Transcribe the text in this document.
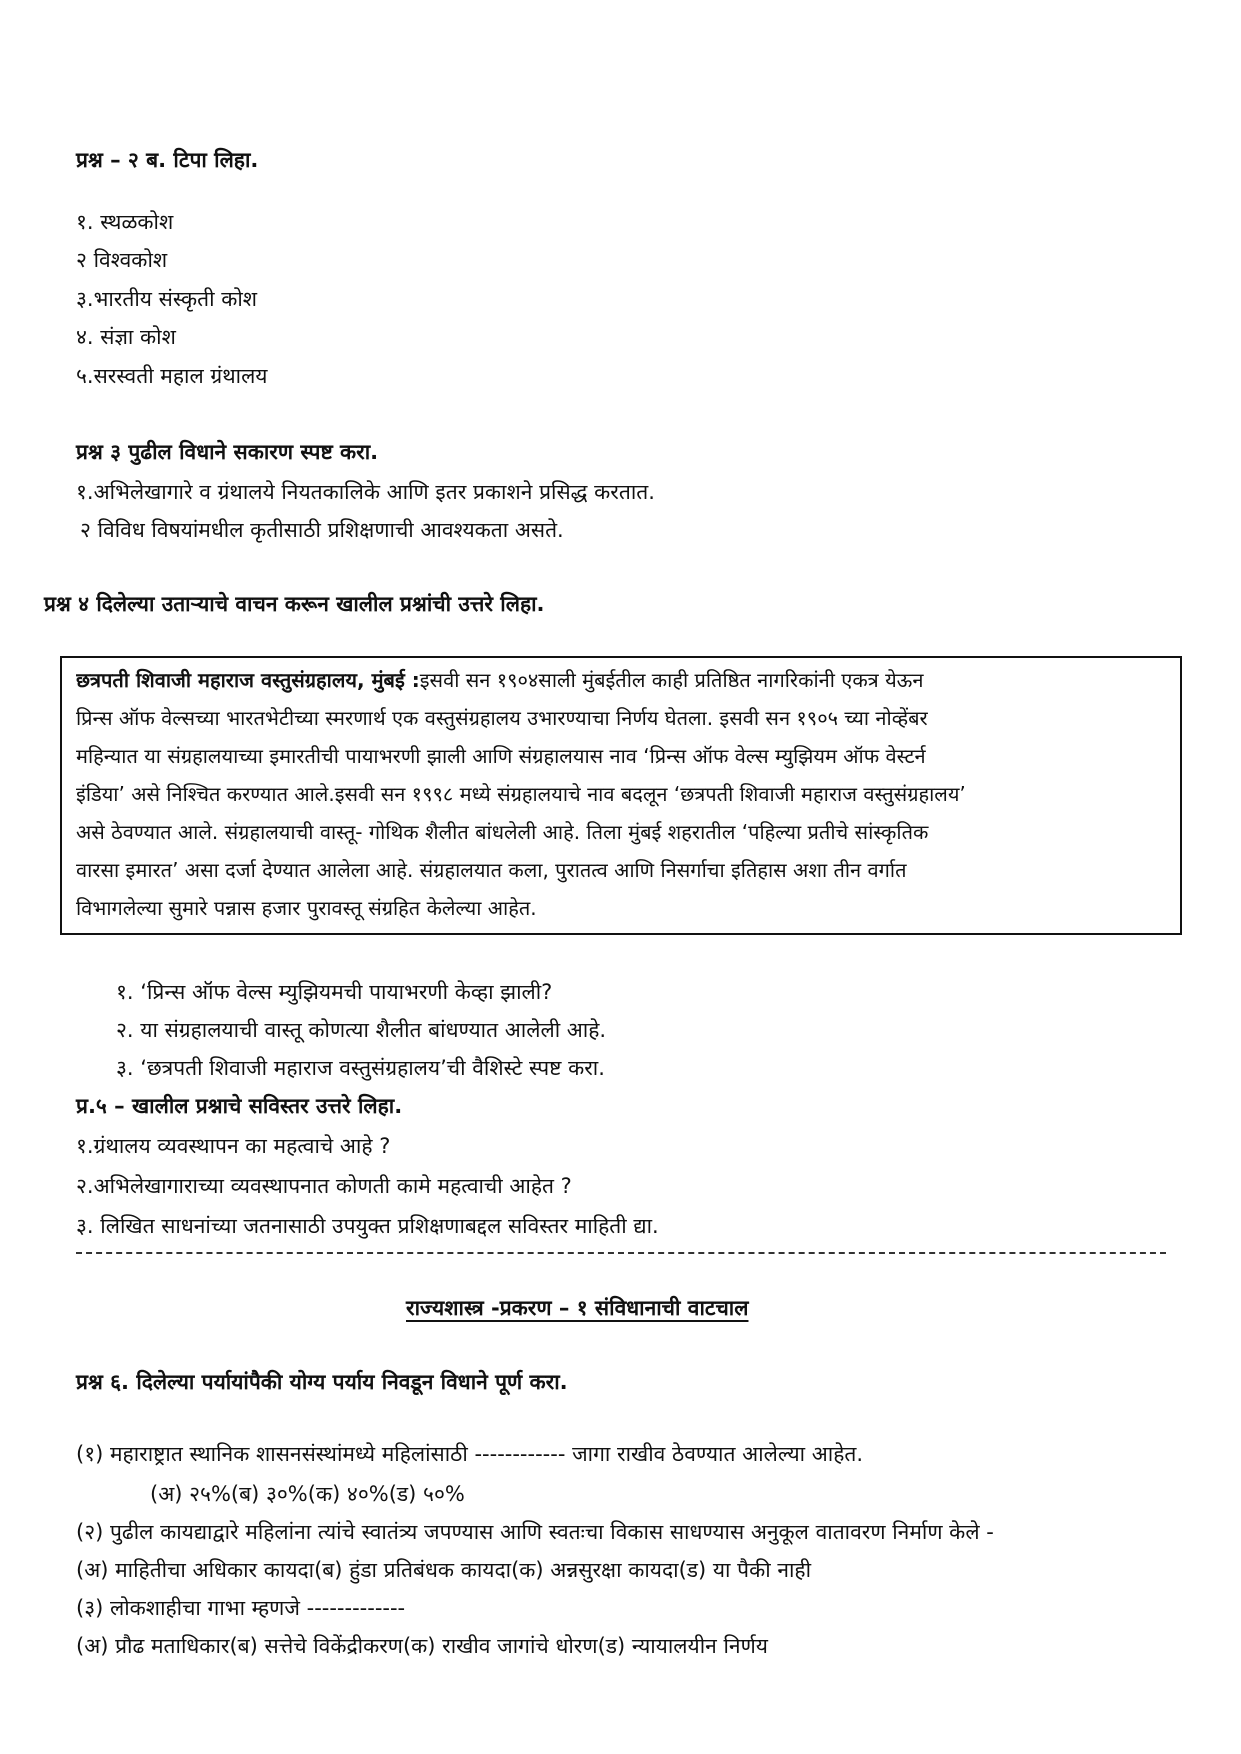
प्रश्न – २ ब. टिपा लिहा.
१. स्थळकोश
२ विश्वकोश
३.भारतीय संस्कृती कोश
४. संज्ञा कोश
५.सरस्वती महाल ग्रंथालय
प्रश्न ३ पुढील विधाने सकारण स्पष्ट करा.
१.अभिलेखागारे व ग्रंथालये नियतकालिके आणि इतर प्रकाशने प्रसिद्ध करतात.
२ विविध विषयांमधील कृतीसाठी प्रशिक्षणाची आवश्यकता असते.
प्रश्न ४ दिलेल्या उताऱ्याचे वाचन करून खालील प्रश्नांची उत्तरे लिहा.
छत्रपती शिवाजी महाराज वस्तुसंग्रहालय, मुंबई :इसवी सन १९०४साली मुंबईतील काही प्रतिष्ठित नागरिकांनी एकत्र येऊन
प्रिन्स ऑफ वेल्सच्या भारतभेटीच्या स्मरणार्थ एक वस्तुसंग्रहालय उभारण्याचा निर्णय घेतला. इसवी सन १९०५ च्या नोव्हेंबर
महिन्यात या संग्रहालयाच्या इमारतीची पायाभरणी झाली आणि संग्रहालयास नाव ‘प्रिन्स ऑफ वेल्स म्युझियम ऑफ वेस्टर्न
इंडिया’ असे निश्चित करण्यात आले.इसवी सन १९९८ मध्ये संग्रहालयाचे नाव बदलून ‘छत्रपती शिवाजी महाराज वस्तुसंग्रहालय’
असे ठेवण्यात आले. संग्रहालयाची वास्तू- गोथिक शैलीत बांधलेली आहे. तिला मुंबई शहरातील ‘पहिल्या प्रतीचे सांस्कृतिक
वारसा इमारत’ असा दर्जा देण्यात आलेला आहे. संग्रहालयात कला, पुरातत्व आणि निसर्गाचा इतिहास अशा तीन वर्गात
विभागलेल्या सुमारे पन्नास हजार पुरावस्तू संग्रहित केलेल्या आहेत.
१. ‘प्रिन्स ऑफ वेल्स म्युझियमची पायाभरणी केव्हा झाली?
२. या संग्रहालयाची वास्तू कोणत्या शैलीत बांधण्यात आलेली आहे.
३. ‘छत्रपती शिवाजी महाराज वस्तुसंग्रहालय’ची वैशिस्टे स्पष्ट करा.
प्र.५ – खालील प्रश्नाचे सविस्तर उत्तरे लिहा.
१.ग्रंथालय व्यवस्थापन का महत्वाचे आहे ?
२.अभिलेखागाराच्या व्यवस्थापनात कोणती कामे महत्वाची आहेत ?
३. लिखित साधनांच्या जतनासाठी उपयुक्त प्रशिक्षणाबद्दल सविस्तर माहिती द्या.
राज्यशास्त्र -प्रकरण – १ संविधानाची वाटचाल
प्रश्न ६. दिलेल्या पर्यायांपैकी योग्य पर्याय निवडून विधाने पूर्ण करा.
(१) महाराष्ट्रात स्थानिक शासनसंस्थांमध्ये महिलांसाठी ------------ जागा राखीव ठेवण्यात आलेल्या आहेत.
(अ) २५%(ब) ३०%(क) ४०%(ड) ५०%
(२) पुढील कायद्याद्वारे महिलांना त्यांचे स्वातंत्र्य जपण्यास आणि स्वतःचा विकास साधण्यास अनुकूल वातावरण निर्माण केले -
(अ) माहितीचा अधिकार कायदा(ब) हुंडा प्रतिबंधक कायदा(क) अन्नसुरक्षा कायदा(ड) या पैकी नाही
(३) लोकशाहीचा गाभा म्हणजे -------------
(अ) प्रौढ मताधिकार(ब) सत्तेचे विकेंद्रीकरण(क) राखीव जागांचे धोरण(ड) न्यायालयीन निर्णय
